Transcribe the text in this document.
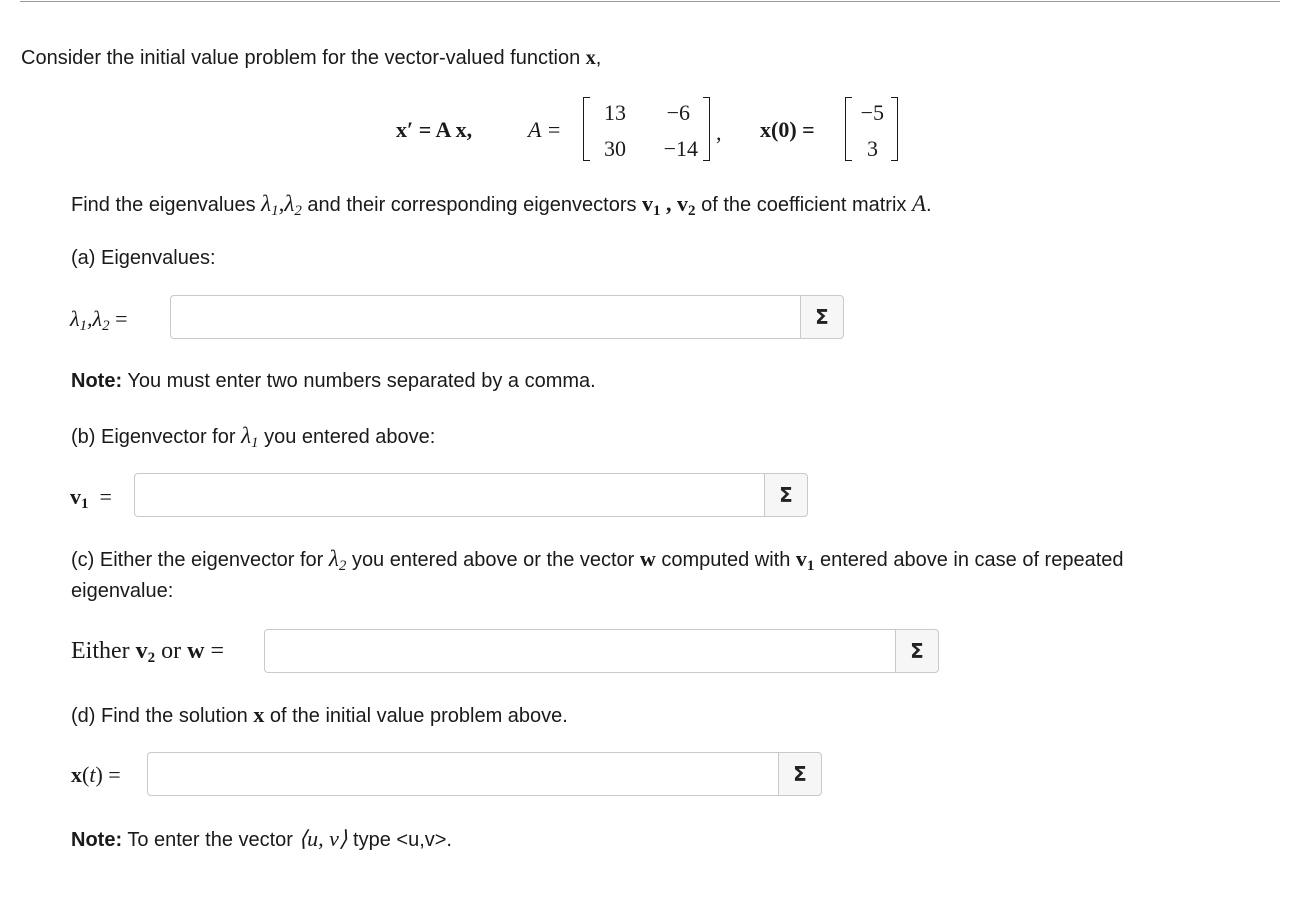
Consider the initial value problem for the vector-valued function x,
x′ = A x,	A =
13	−6
30	−14
, x(0) =
−5
3
Find the eigenvalues $\lambda_1,\lambda_2$ and their corresponding eigenvectors $v_1$ , $v_2$ of the coefficient matrix A.
(a) Eigenvalues:
$\lambda_1,\lambda_2$ =	Σ
Note: You must enter two numbers separated by a comma.
(b) Eigenvector for $\lambda_1$ you entered above:
$v_1$  =	Σ
(c) Either the eigenvector for $\lambda_2$ you entered above or the vector w computed with $v_1$ entered above in case of repeated
eigenvalue:
Either $v_2$ or w =	Σ
(d) Find the solution x of the initial value problem above.
x(t) =	Σ
Note: To enter the vector ⟨u, v⟩ type <u,v>.
